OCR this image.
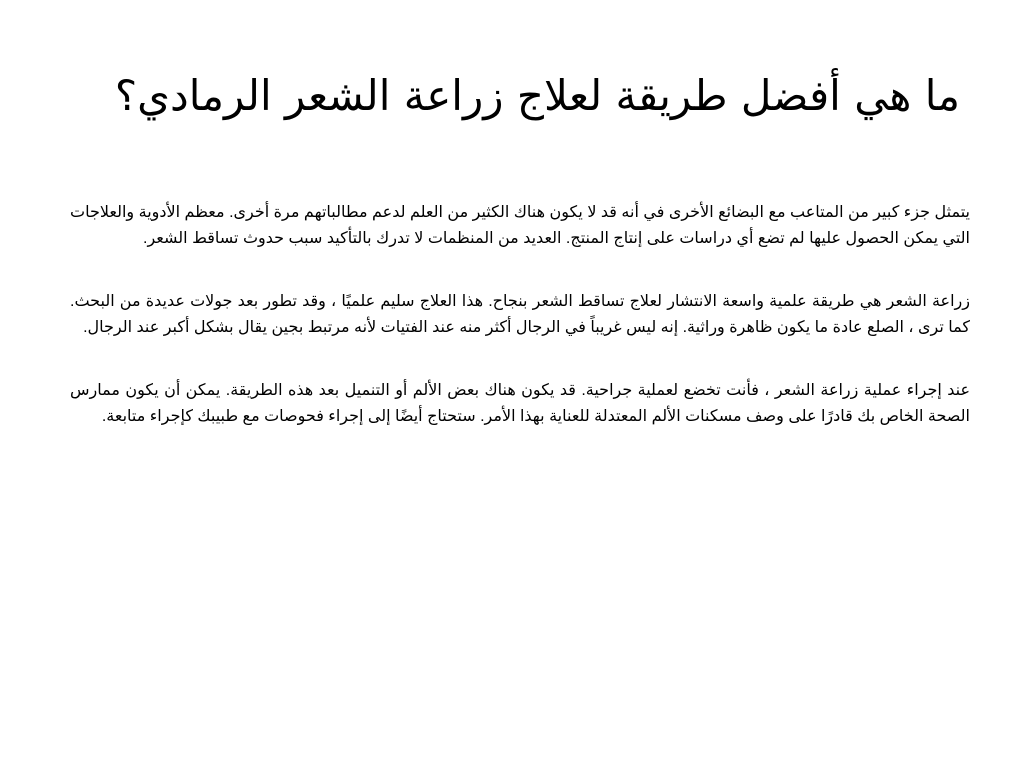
ما هي أفضل طريقة لعلاج زراعة الشعر الرمادي؟

يتمثل جزء كبير من المتاعب مع البضائع الأخرى في أنه قد لا يكون هناك الكثير من العلم لدعم مطالباتهم مرة أخرى. معظم الأدوية والعلاجات التي يمكن الحصول عليها لم تضع أي دراسات على إنتاج المنتج. العديد من المنظمات لا تدرك بالتأكيد سبب حدوث تساقط الشعر.

زراعة الشعر هي طريقة علمية واسعة الانتشار لعلاج تساقط الشعر بنجاح. هذا العلاج سليم علميًا ، وقد تطور بعد جولات عديدة من البحث. كما ترى ، الصلع عادة ما يكون ظاهرة وراثية. إنه ليس غريباً في الرجال أكثر منه عند الفتيات لأنه مرتبط بجين يقال بشكل أكبر عند الرجال.

عند إجراء عملية زراعة الشعر ، فأنت تخضع لعملية جراحية. قد يكون هناك بعض الألم أو التنميل بعد هذه الطريقة. يمكن أن يكون ممارس الصحة الخاص بك قادرًا على وصف مسكنات الألم المعتدلة للعناية بهذا الأمر. ستحتاج أيضًا إلى إجراء فحوصات مع طبيبك كإجراء متابعة.
